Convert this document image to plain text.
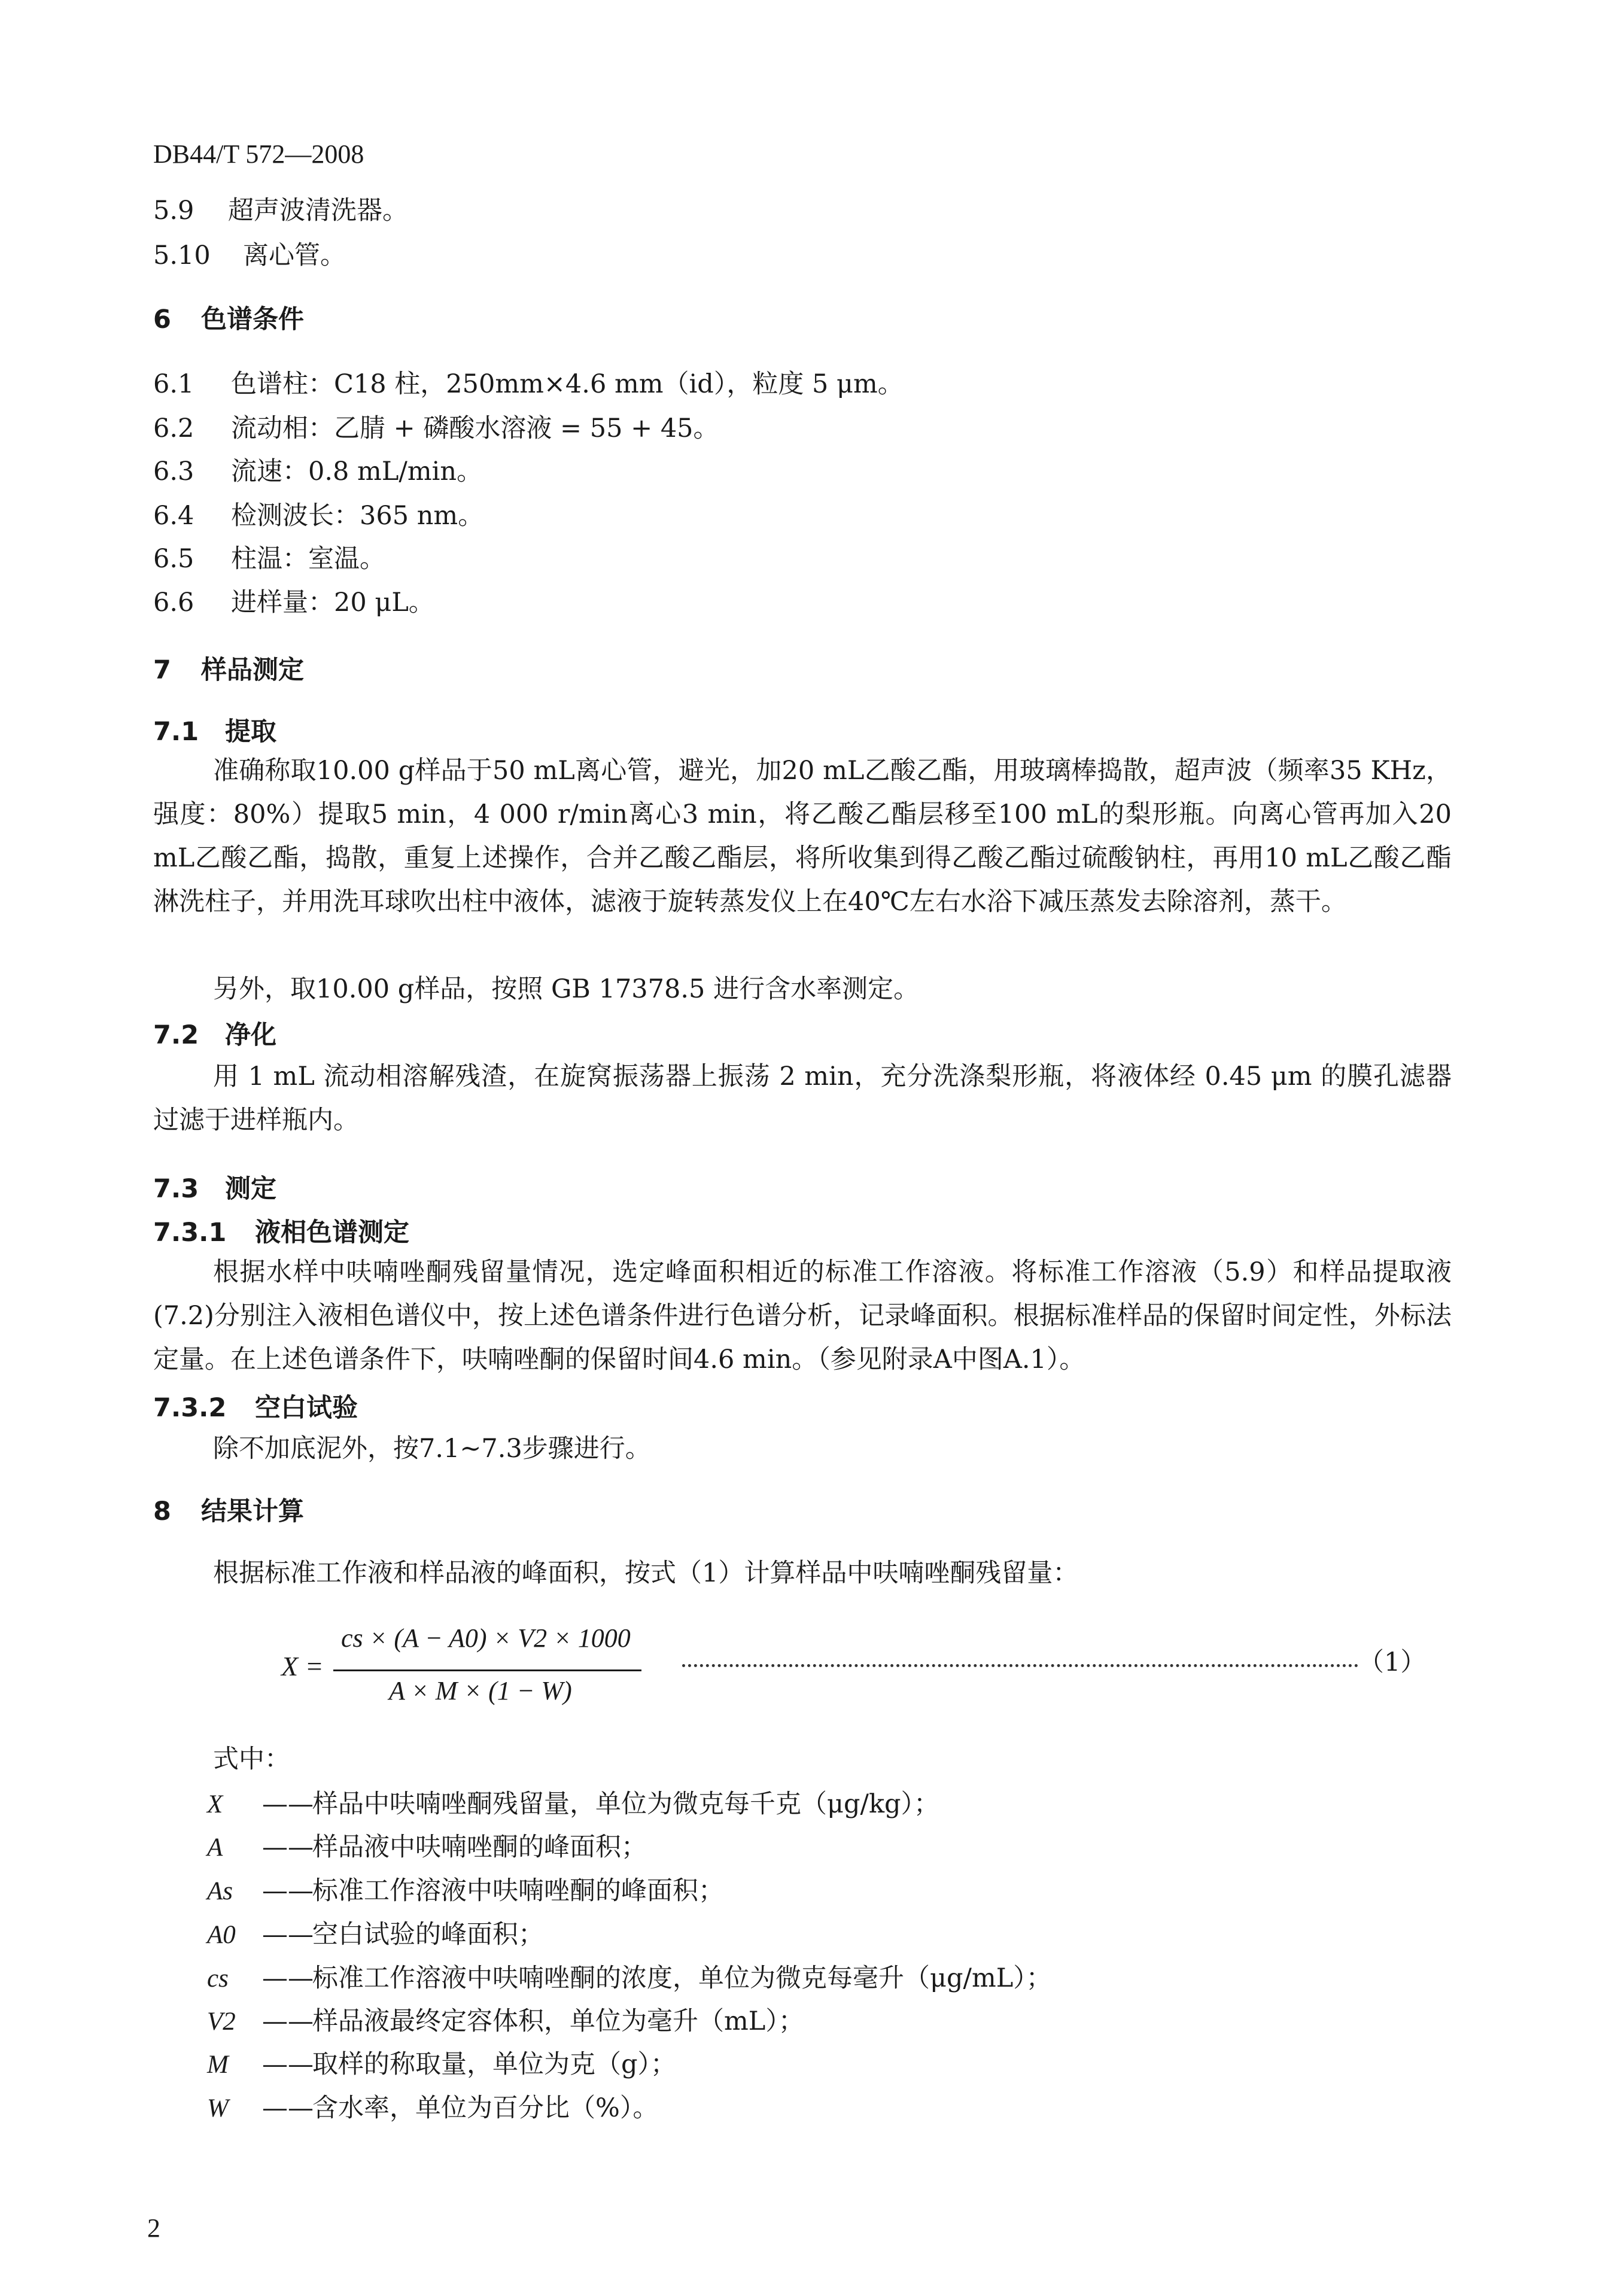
DB44/T 572—2008
5.9 超声波清洗器。
5.10 离心管。
6 色谱条件
6.1 色谱柱：C18 柱，250mm×4.6 mm（id），粒度 5 μm。
6.2 流动相：乙腈 + 磷酸水溶液 = 55 + 45。
6.3 流速：0.8 mL/min。
6.4 检测波长：365 nm。
6.5 柱温：室温。
6.6 进样量：20 μL。
7 样品测定
7.1 提取
准确称取10.00 g样品于50 mL离心管，避光，加20 mL乙酸乙酯，用玻璃棒捣散，超声波（频率35 KHz，强度：80%）提取5 min，4 000 r/min离心3 min，将乙酸乙酯层移至100 mL的梨形瓶。向离心管再加入20 mL乙酸乙酯，捣散，重复上述操作，合并乙酸乙酯层，将所收集到得乙酸乙酯过硫酸钠柱，再用10 mL乙酸乙酯淋洗柱子，并用洗耳球吹出柱中液体，滤液于旋转蒸发仪上在40℃左右水浴下减压蒸发去除溶剂，蒸干。
另外，取10.00 g样品，按照 GB 17378.5 进行含水率测定。
7.2 净化
用 1 mL 流动相溶解残渣，在旋窝振荡器上振荡 2 min，充分洗涤梨形瓶，将液体经 0.45 μm 的膜孔滤器过滤于进样瓶内。
7.3 测定
7.3.1 液相色谱测定
根据水样中呋喃唑酮残留量情况，选定峰面积相近的标准工作溶液。将标准工作溶液（5.9）和样品提取液(7.2)分别注入液相色谱仪中，按上述色谱条件进行色谱分析，记录峰面积。根据标准样品的保留时间定性，外标法定量。在上述色谱条件下，呋喃唑酮的保留时间4.6 min。（参见附录A中图A.1）。
7.3.2 空白试验
除不加底泥外，按7.1~7.3步骤进行。
8 结果计算
根据标准工作液和样品液的峰面积，按式（1）计算样品中呋喃唑酮残留量：
X =
cs × (A − A0) × V2 × 1000
A × M × (1 − W)
（1）
式中：
X ——样品中呋喃唑酮残留量，单位为微克每千克（μg/kg）；
A ——样品液中呋喃唑酮的峰面积；
As ——标准工作溶液中呋喃唑酮的峰面积；
A0 ——空白试验的峰面积；
cs ——标准工作溶液中呋喃唑酮的浓度，单位为微克每毫升（μg/mL）；
V2 ——样品液最终定容体积，单位为毫升（mL）；
M ——取样的称取量，单位为克（g）；
W ——含水率，单位为百分比（%）。
2
